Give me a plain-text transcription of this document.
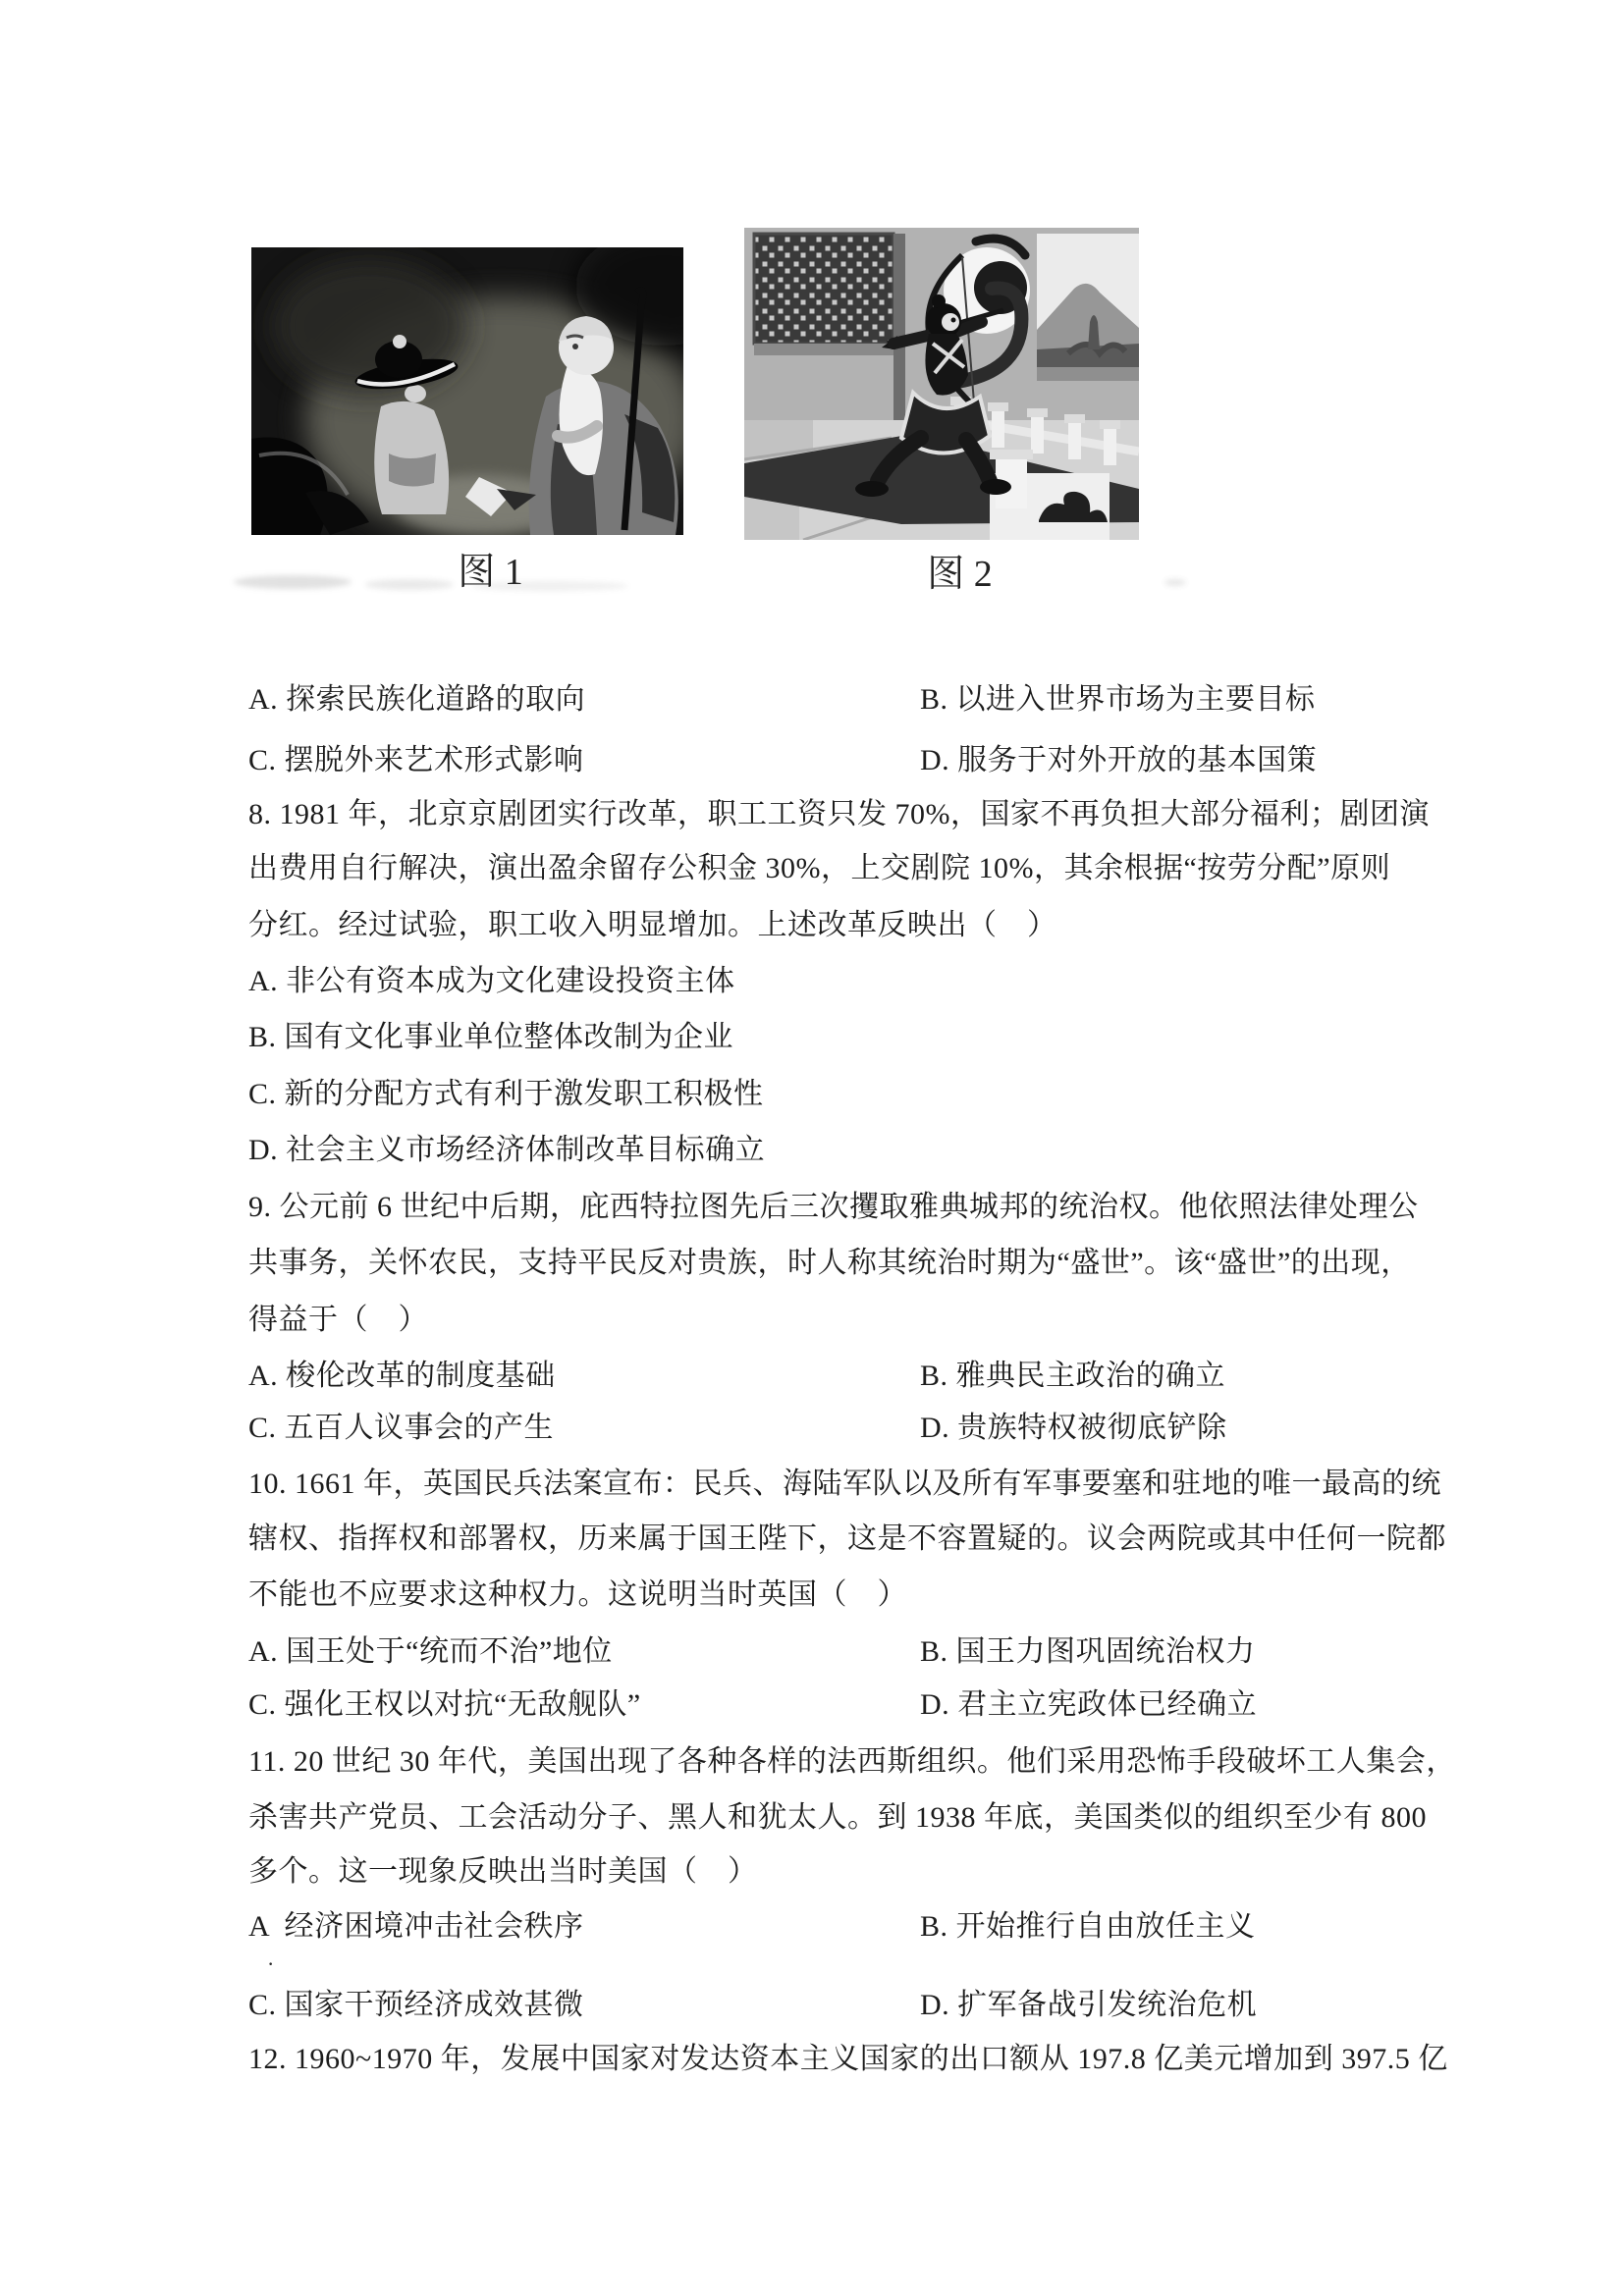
图 1	图 2
A. 探索民族化道路的取向	B. 以进入世界市场为主要目标
C. 摆脱外来艺术形式影响	D. 服务于对外开放的基本国策
8. 1981 年，北京京剧团实行改革，职工工资只发 70%，国家不再负担大部分福利；剧团演
出费用自行解决，演出盈余留存公积金 30%，上交剧院 10%，其余根据“按劳分配”原则
分红。经过试验，职工收入明显增加。上述改革反映出（　）
A. 非公有资本成为文化建设投资主体
B. 国有文化事业单位整体改制为企业
C. 新的分配方式有利于激发职工积极性
D. 社会主义市场经济体制改革目标确立
9. 公元前 6 世纪中后期，庇西特拉图先后三次攫取雅典城邦的统治权。他依照法律处理公
共事务，关怀农民，支持平民反对贵族，时人称其统治时期为“盛世”。该“盛世”的出现，
得益于（　）
A. 梭伦改革的制度基础	B. 雅典民主政治的确立
C. 五百人议事会的产生	D. 贵族特权被彻底铲除
10. 1661 年，英国民兵法案宣布：民兵、海陆军队以及所有军事要塞和驻地的唯一最高的统
辖权、指挥权和部署权，历来属于国王陛下，这是不容置疑的。议会两院或其中任何一院都
不能也不应要求这种权力。这说明当时英国（　）
A. 国王处于“统而不治”地位	B. 国王力图巩固统治权力
C. 强化王权以对抗“无敌舰队”	D. 君主立宪政体已经确立
11. 20 世纪 30 年代，美国出现了各种各样的法西斯组织。他们采用恐怖手段破坏工人集会，
杀害共产党员、工会活动分子、黑人和犹太人。到 1938 年底，美国类似的组织至少有 800
多个。这一现象反映出当时美国（　）
A  经济困境冲击社会秩序	B. 开始推行自由放任主义
·
C. 国家干预经济成效甚微	D. 扩军备战引发统治危机
12. 1960~1970 年，发展中国家对发达资本主义国家的出口额从 197.8 亿美元增加到 397.5 亿
